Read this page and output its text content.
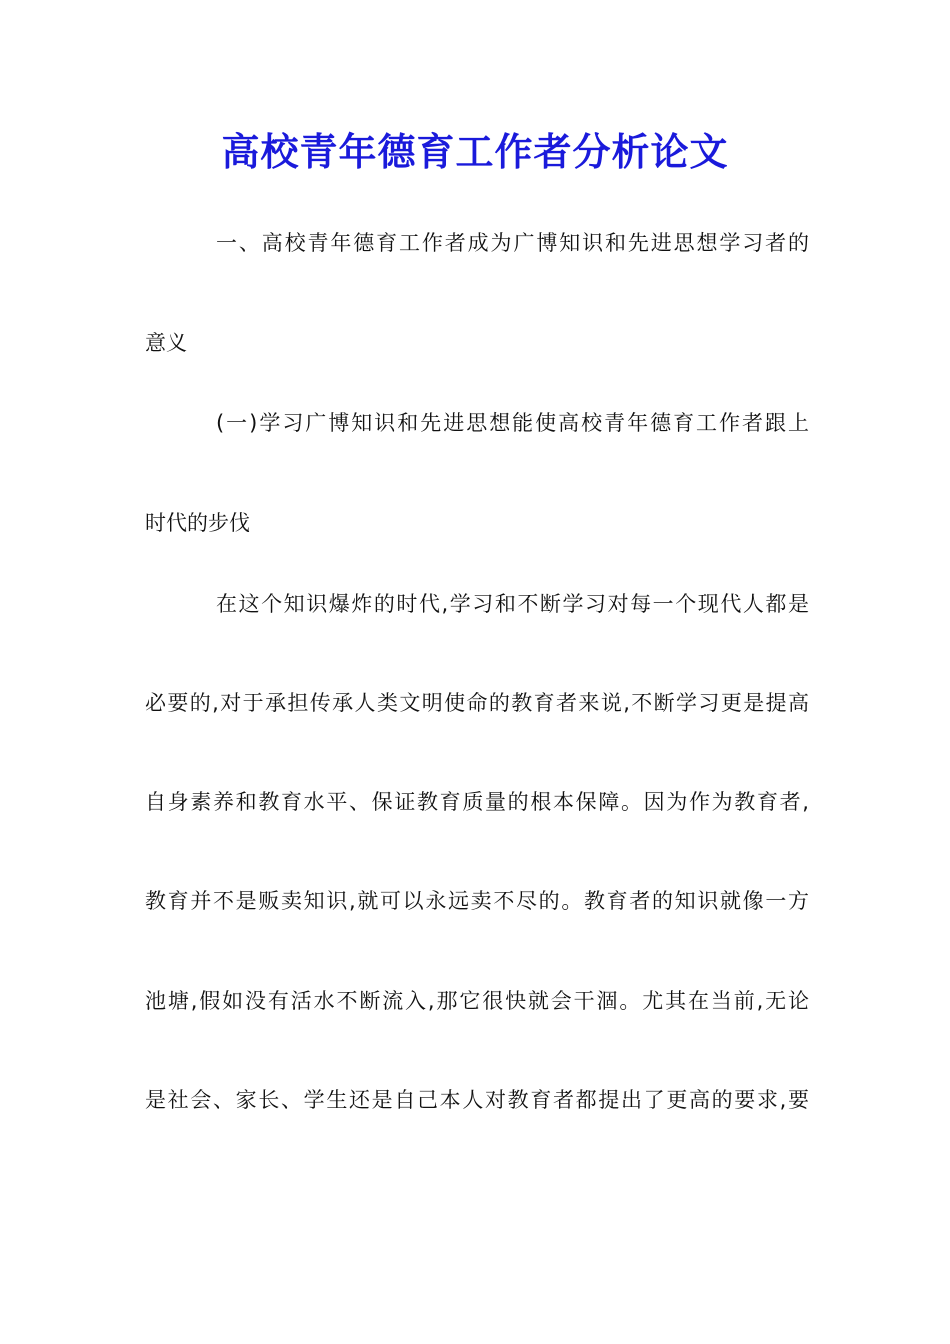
高校青年德育工作者分析论文
一、高校青年德育工作者成为广博知识和先进思想学习者的
意义
(一)学习广博知识和先进思想能使高校青年德育工作者跟上
时代的步伐
在这个知识爆炸的时代,学习和不断学习对每一个现代人都是
必要的,对于承担传承人类文明使命的教育者来说,不断学习更是提高
自身素养和教育水平、保证教育质量的根本保障。因为作为教育者,
教育并不是贩卖知识,就可以永远卖不尽的。教育者的知识就像一方
池塘,假如没有活水不断流入,那它很快就会干涸。尤其在当前,无论
是社会、家长、学生还是自己本人对教育者都提出了更高的要求,要
